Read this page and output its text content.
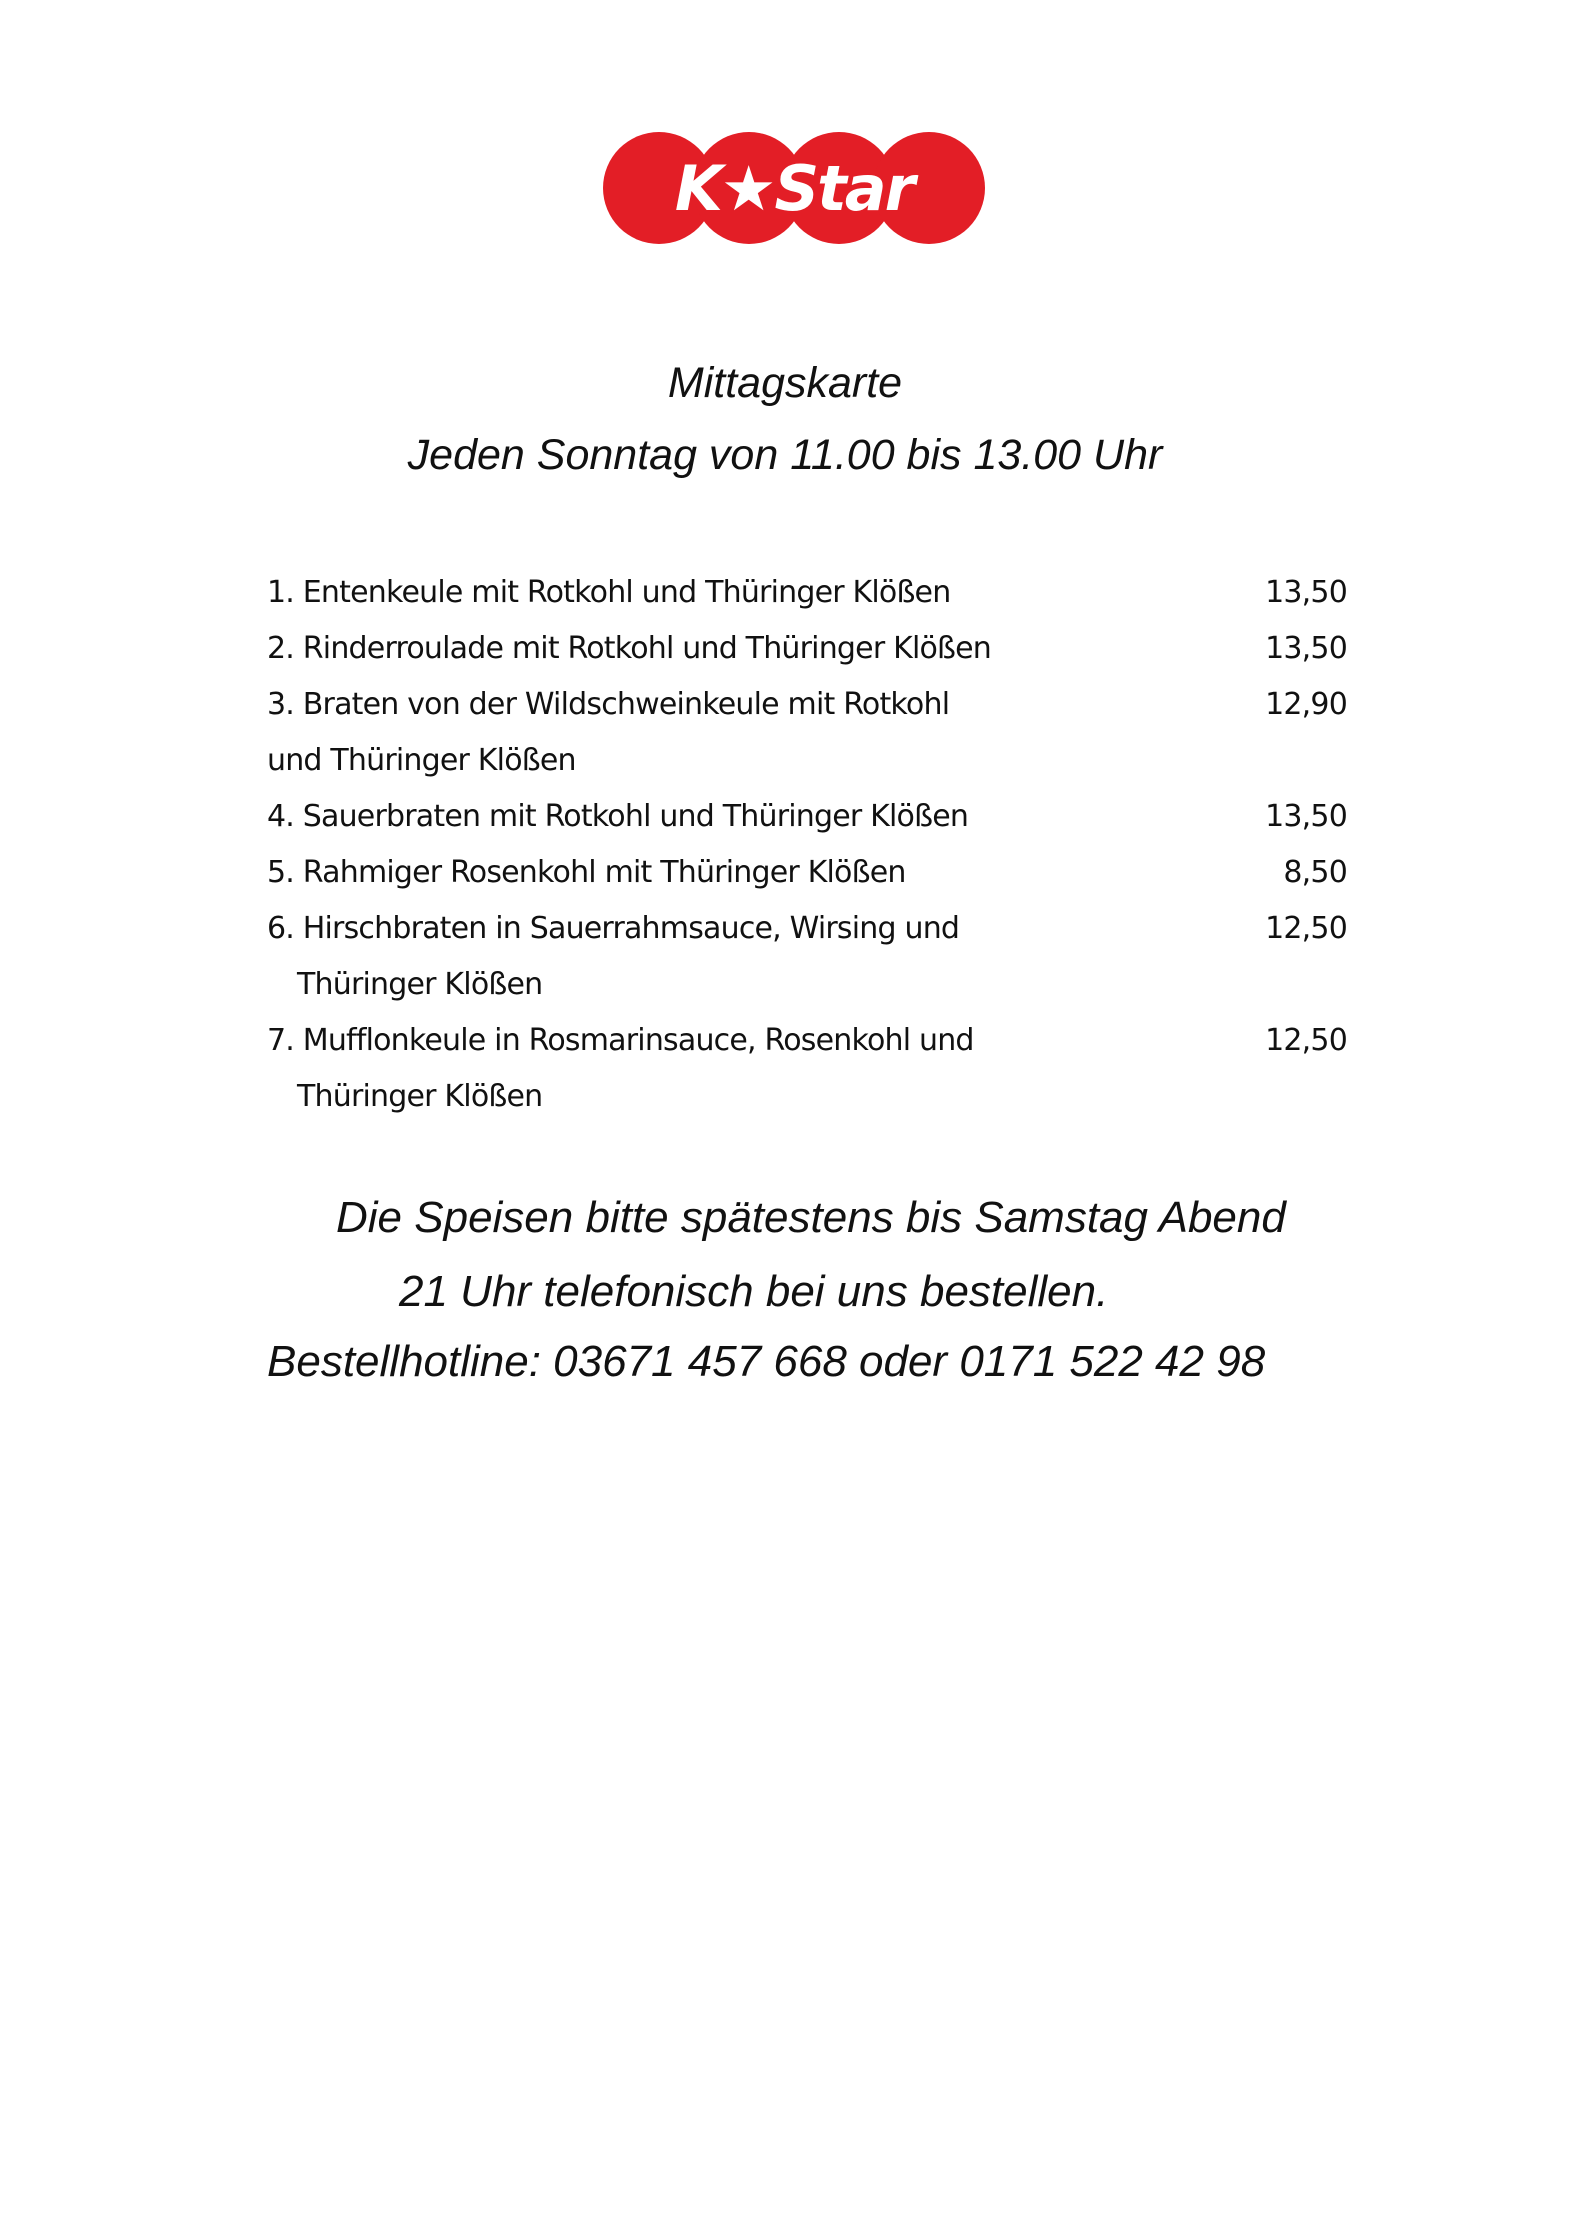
K★Star
Mittagskarte
Jeden Sonntag von 11.00 bis 13.00 Uhr
1. Entenkeule mit Rotkohl und Thüringer Klößen	13,50
2. Rinderroulade mit Rotkohl und Thüringer Klößen	13,50
3. Braten von der Wildschweinkeule mit Rotkohl	12,90
und Thüringer Klößen
4. Sauerbraten mit Rotkohl und Thüringer Klößen	13,50
5. Rahmiger Rosenkohl mit Thüringer Klößen	8,50
6. Hirschbraten in Sauerrahmsauce, Wirsing und	12,50
Thüringer Klößen
7. Mufflonkeule in Rosmarinsauce, Rosenkohl und	12,50
Thüringer Klößen
Die Speisen bitte spätestens bis Samstag Abend
21 Uhr telefonisch bei uns bestellen.
Bestellhotline: 03671 457 668 oder 0171 522 42 98
